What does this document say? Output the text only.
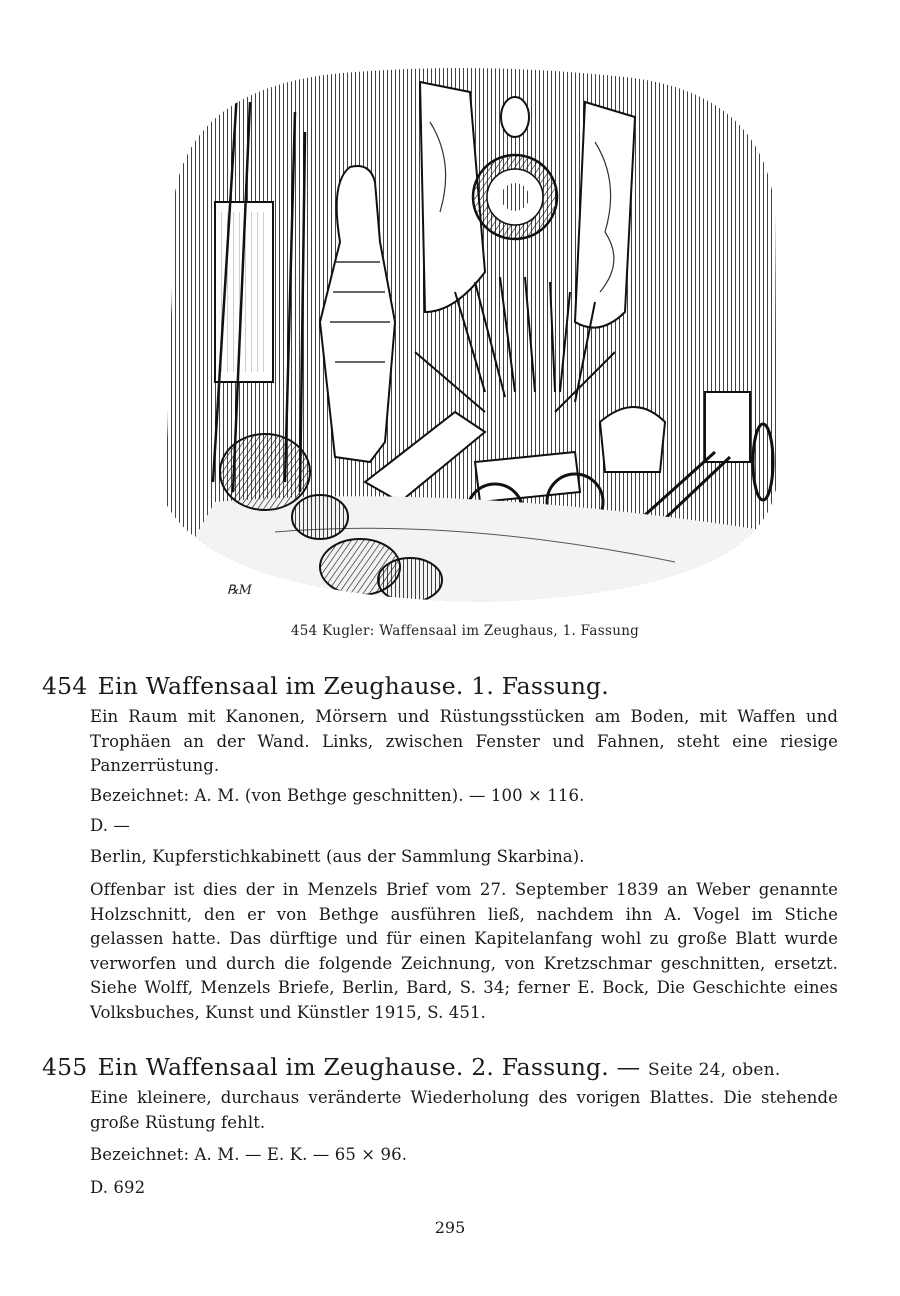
℞M
454 Kugler: Waffensaal im Zeughaus, 1. Fassung
454 Ein Waffensaal im Zeughause. 1. Fassung.
Ein Raum mit Kanonen, Mörsern und Rüstungsstücken am Boden, mit Waffen und Trophäen an der Wand. Links, zwischen Fenster und Fahnen, steht eine riesige Panzerrüstung.
Bezeichnet: A. M. (von Bethge geschnitten). — 100 × 116.
D. —
Berlin, Kupferstichkabinett (aus der Sammlung Skarbina).
Offenbar ist dies der in Menzels Brief vom 27. September 1839 an Weber genannte Holzschnitt, den er von Bethge ausführen ließ, nachdem ihn A. Vogel im Stiche gelassen hatte. Das dürftige und für einen Kapitelanfang wohl zu große Blatt wurde verworfen und durch die folgende Zeichnung, von Kretzschmar geschnitten, ersetzt. Siehe Wolff, Menzels Briefe, Berlin, Bard, S. 34; ferner E. Bock, Die Geschichte eines Volksbuches, Kunst und Künstler 1915, S. 451.
455 Ein Waffensaal im Zeughause. 2. Fassung. — Seite 24, oben.
Eine kleinere, durchaus veränderte Wiederholung des vorigen Blattes. Die stehende große Rüstung fehlt.
Bezeichnet: A. M. — E. K. — 65 × 96.
D. 692
295
